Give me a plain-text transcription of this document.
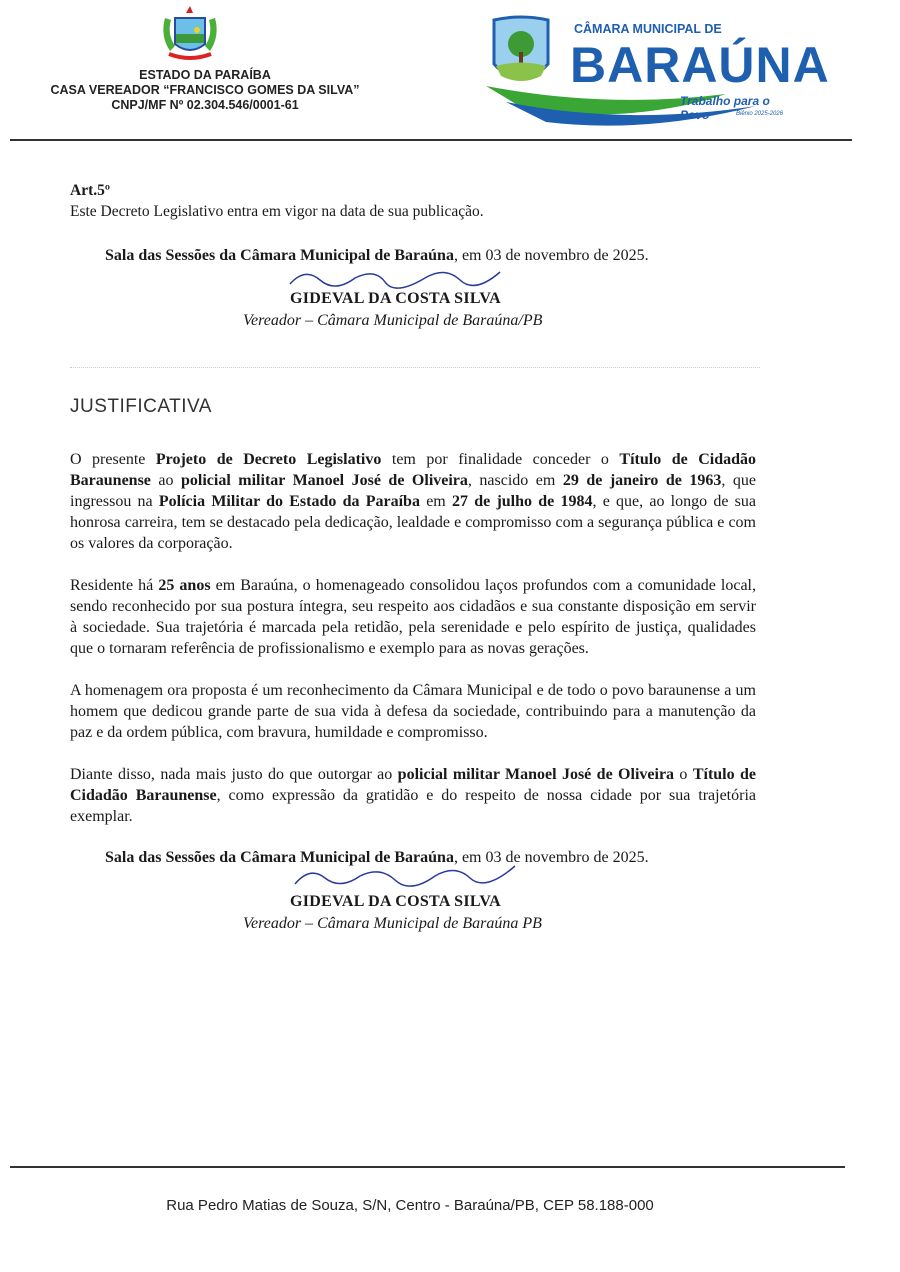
ESTADO DA PARAÍBA
CASA VEREADOR “FRANCISCO GOMES DA SILVA”
CNPJ/MF Nº 02.304.546/0001-61
CÂMARA MUNICIPAL DE
BARAÚNA
Trabalho para o Povo	Biênio 2025-2026
Art.5º
Este Decreto Legislativo entra em vigor na data de sua publicação.
Sala das Sessões da Câmara Municipal de Baraúna, em 03 de novembro de 2025.
GIDEVAL DA COSTA SILVA
Vereador – Câmara Municipal de Baraúna/PB
JUSTIFICATIVA
O presente Projeto de Decreto Legislativo tem por finalidade conceder o Título de Cidadão Baraunense ao policial militar Manoel José de Oliveira, nascido em 29 de janeiro de 1963, que ingressou na Polícia Militar do Estado da Paraíba em 27 de julho de 1984, e que, ao longo de sua honrosa carreira, tem se destacado pela dedicação, lealdade e compromisso com a segurança pública e com os valores da corporação.
Residente há 25 anos em Baraúna, o homenageado consolidou laços profundos com a comunidade local, sendo reconhecido por sua postura íntegra, seu respeito aos cidadãos e sua constante disposição em servir à sociedade. Sua trajetória é marcada pela retidão, pela serenidade e pelo espírito de justiça, qualidades que o tornaram referência de profissionalismo e exemplo para as novas gerações.
A homenagem ora proposta é um reconhecimento da Câmara Municipal e de todo o povo baraunense a um homem que dedicou grande parte de sua vida à defesa da sociedade, contribuindo para a manutenção da paz e da ordem pública, com bravura, humildade e compromisso.
Diante disso, nada mais justo do que outorgar ao policial militar Manoel José de Oliveira o Título de Cidadão Baraunense, como expressão da gratidão e do respeito de nossa cidade por sua trajetória exemplar.
Sala das Sessões da Câmara Municipal de Baraúna, em 03 de novembro de 2025.
GIDEVAL DA COSTA SILVA
Vereador – Câmara Municipal de Baraúna PB
Rua Pedro Matias de Souza, S/N, Centro - Baraúna/PB, CEP 58.188-000
